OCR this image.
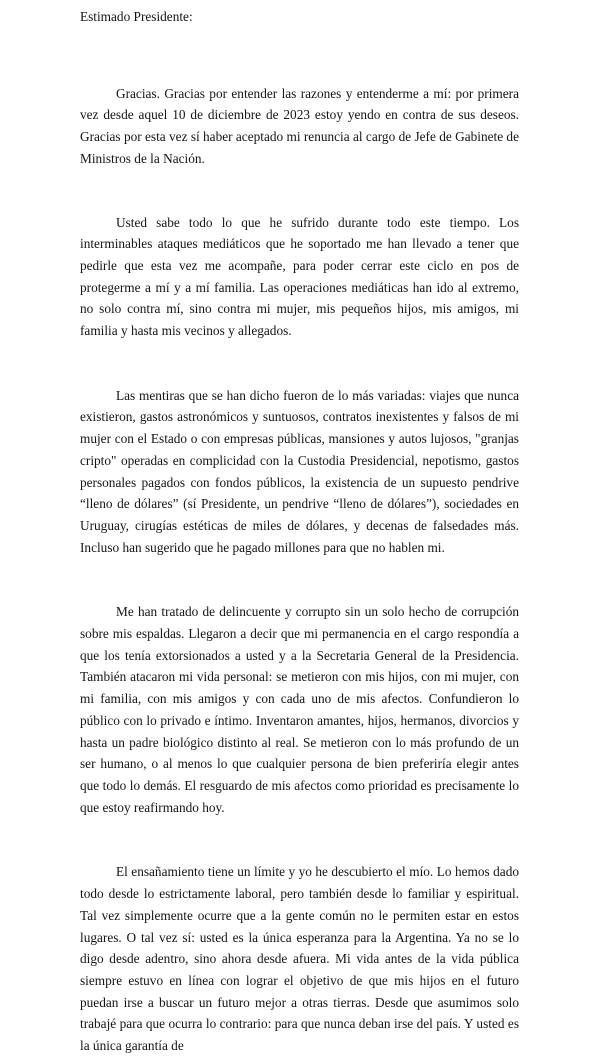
Estimado Presidente:

Gracias. Gracias por entender las razones y entenderme a mí: por primera vez desde aquel 10 de diciembre de 2023 estoy yendo en contra de sus deseos. Gracias por esta vez sí haber aceptado mi renuncia al cargo de Jefe de Gabinete de Ministros de la Nación.

Usted sabe todo lo que he sufrido durante todo este tiempo. Los interminables ataques mediáticos que he soportado me han llevado a tener que pedirle que esta vez me acompañe, para poder cerrar este ciclo en pos de protegerme a mí y a mí familia. Las operaciones mediáticas han ido al extremo, no solo contra mí, sino contra mi mujer, mis pequeños hijos, mis amigos, mi familia y hasta mis vecinos y allegados.

Las mentiras que se han dicho fueron de lo más variadas: viajes que nunca existieron, gastos astronómicos y suntuosos, contratos inexistentes y falsos de mi mujer con el Estado o con empresas públicas, mansiones y autos lujosos, "granjas cripto" operadas en complicidad con la Custodia Presidencial, nepotismo, gastos personales pagados con fondos públicos, la existencia de un supuesto pendrive “lleno de dólares” (sí Presidente, un pendrive “lleno de dólares”), sociedades en Uruguay, cirugías estéticas de miles de dólares, y decenas de falsedades más. Incluso han sugerido que he pagado millones para que no hablen mi.

Me han tratado de delincuente y corrupto sin un solo hecho de corrupción sobre mis espaldas. Llegaron a decir que mi permanencia en el cargo respondía a que los tenía extorsionados a usted y a la Secretaria General de la Presidencia. También atacaron mi vida personal: se metieron con mis hijos, con mi mujer, con mi familia, con mis amigos y con cada uno de mis afectos. Confundieron lo público con lo privado e íntimo. Inventaron amantes, hijos, hermanos, divorcios y hasta un padre biológico distinto al real. Se metieron con lo más profundo de un ser humano, o al menos lo que cualquier persona de bien preferiría elegir antes que todo lo demás. El resguardo de mis afectos como prioridad es precisamente lo que estoy reafirmando hoy.

El ensañamiento tiene un límite y yo he descubierto el mío. Lo hemos dado todo desde lo estrictamente laboral, pero también desde lo familiar y espiritual. Tal vez simplemente ocurre que a la gente común no le permiten estar en estos lugares. O tal vez sí: usted es la única esperanza para la Argentina. Ya no se lo digo desde adentro, sino ahora desde afuera. Mi vida antes de la vida pública siempre estuvo en línea con lograr el objetivo de que mis hijos en el futuro puedan irse a buscar un futuro mejor a otras tierras. Desde que asumimos solo trabajé para que ocurra lo contrario: para que nunca deban irse del país. Y usted es la única garantía de
